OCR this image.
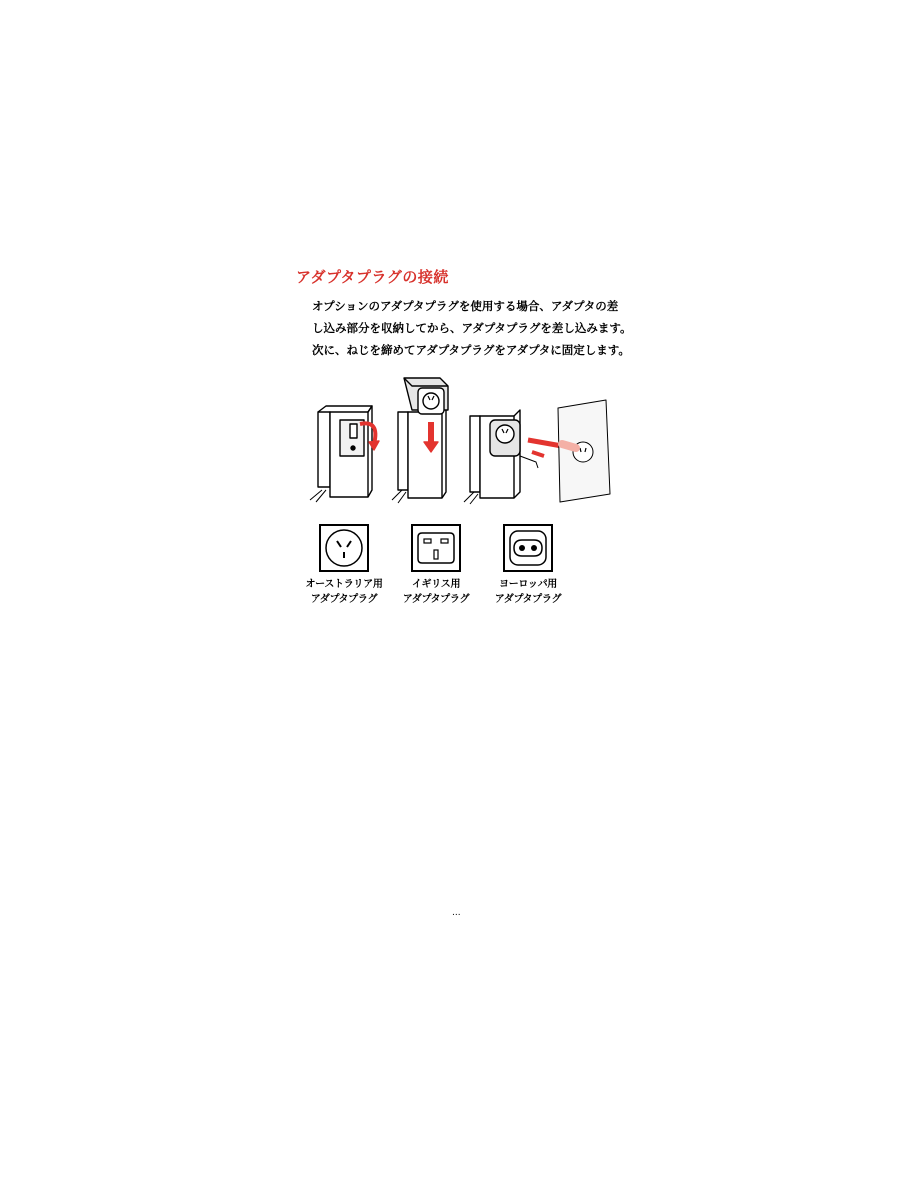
アダプタプラグの接続
オプションのアダプタプラグを使用する場合、アダプタの差
し込み部分を収納してから、アダプタプラグを差し込みます。
次に、ねじを締めてアダプタプラグをアダプタに固定します。
オーストラリア用
アダプタプラグ
イギリス用
アダプタプラグ
ヨーロッパ用
アダプタプラグ
...
